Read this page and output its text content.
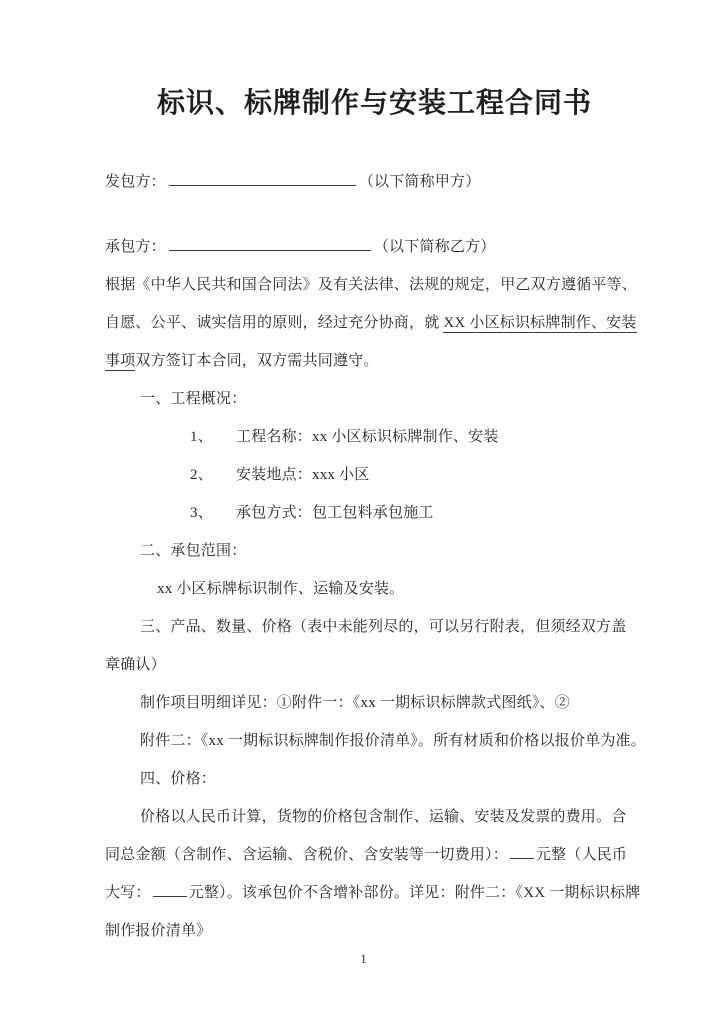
标识、标牌制作与安装工程合同书
发包方：	（以下简称甲方）
承包方：	（以下简称乙方）
根据《中华人民共和国合同法》及有关法律、法规的规定，甲乙双方遵循平等、
自愿、公平、诚实信用的原则，经过充分协商，就 XX 小区标识标牌制作、安装
事项双方签订本合同，双方需共同遵守。
一、工程概况：
1、 工程名称：xx 小区标识标牌制作、安装
2、 安装地点：xxx 小区
3、 承包方式：包工包料承包施工
二、承包范围：
xx 小区标牌标识制作、运输及安装。
三、产品、数量、价格（表中未能列尽的，可以另行附表，但须经双方盖
章确认）
制作项目明细详见：①附件一：《xx 一期标识标牌款式图纸》、②
附件二：《xx 一期标识标牌制作报价清单》。所有材质和价格以报价单为准。
四、价格：
价格以人民币计算，货物的价格包含制作、运输、安装及发票的费用。合
同总金额（含制作、含运输、含税价、含安装等一切费用）： 元整（人民币
大写：	元整）。该承包价不含增补部份。详见：附件二：《XX 一期标识标牌
制作报价清单》
1
